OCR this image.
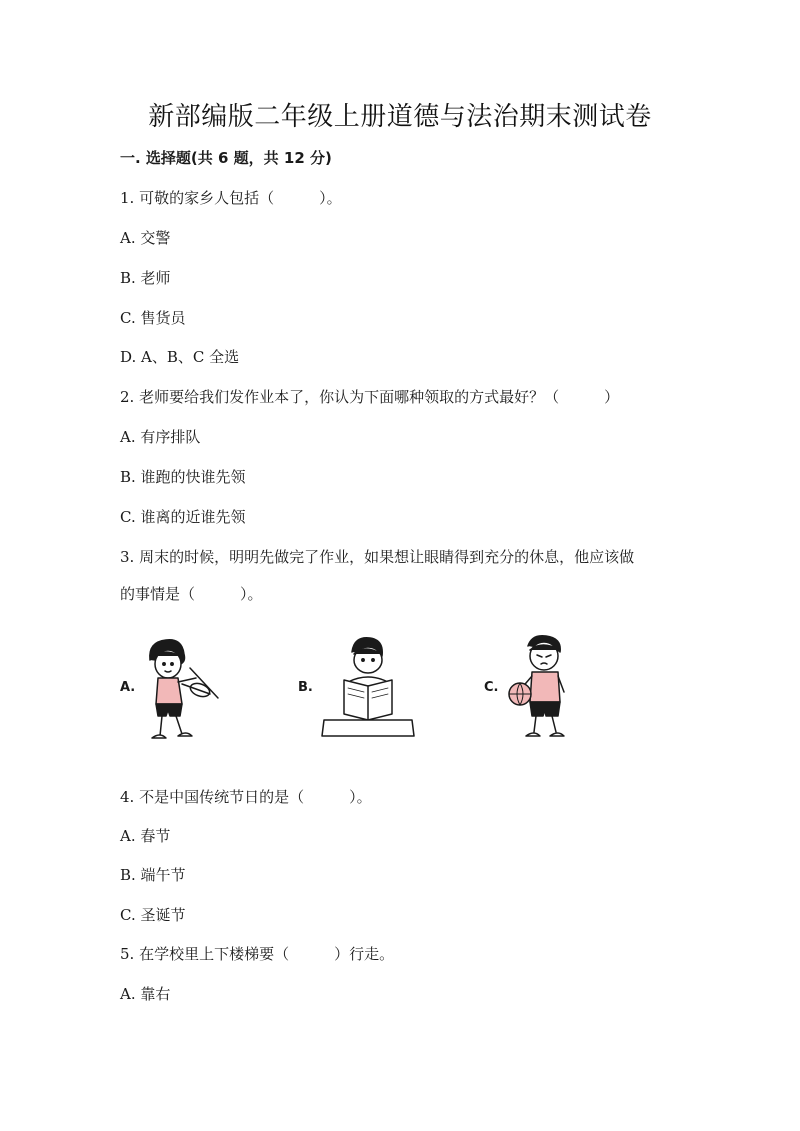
新部编版二年级上册道德与法治期末测试卷
一. 选择题(共 6 题，共 12 分)
1. 可敬的家乡人包括（　　　）。
A. 交警
B. 老师
C. 售货员
D. A、B、C 全选
2. 老师要给我们发作业本了，你认为下面哪种领取的方式最好？（　　　）
A. 有序排队
B. 谁跑的快谁先领
C. 谁离的近谁先领
3. 周末的时候，明明先做完了作业，如果想让眼睛得到充分的休息，他应该做
的事情是（　　　）。
A.	B.	C.
4. 不是中国传统节日的是（　　　）。
A. 春节
B. 端午节
C. 圣诞节
5. 在学校里上下楼梯要（　　　）行走。
A. 靠右
